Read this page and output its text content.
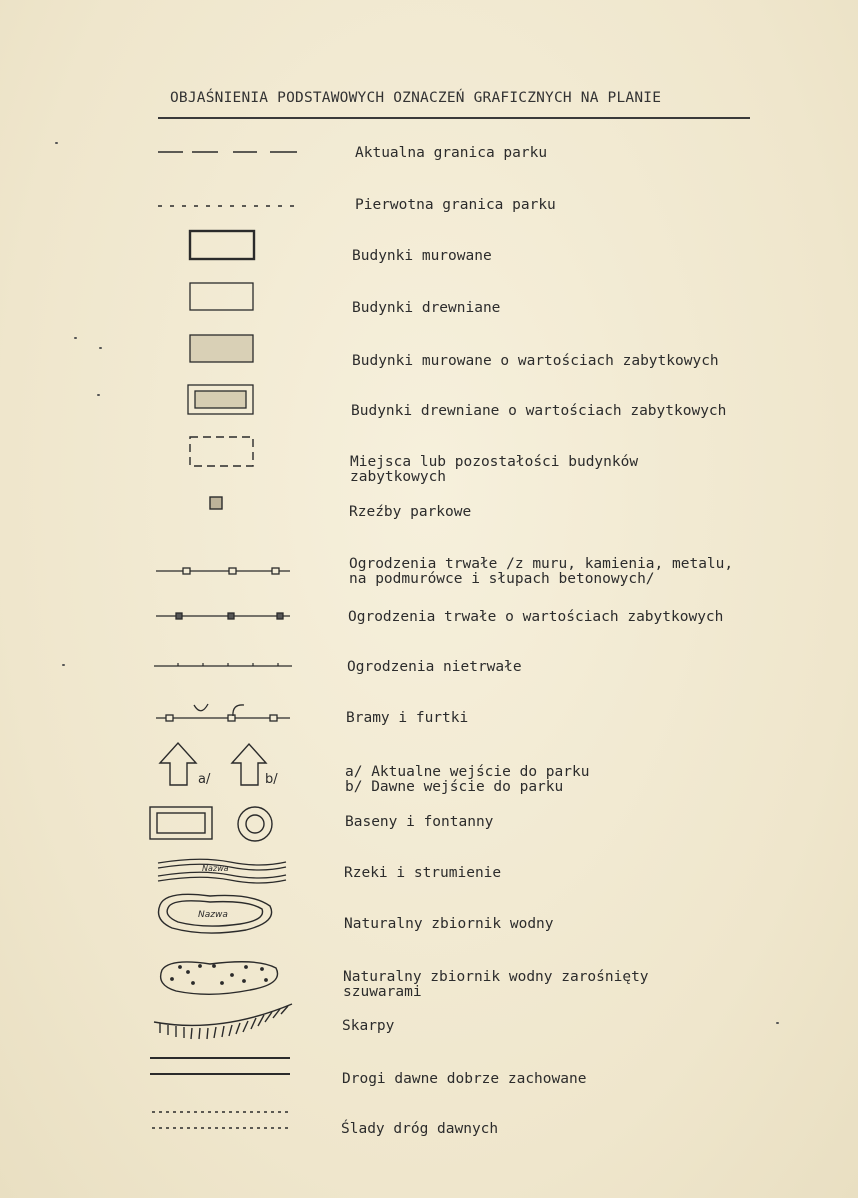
OBJAŚNIENIA PODSTAWOWYCH OZNACZEŃ GRAFICZNYCH NA PLANIE
Aktualna granica parku
Pierwotna granica parku
Budynki murowane
Budynki drewniane
Budynki murowane o wartościach zabytkowych
Budynki drewniane o wartościach zabytkowych
Miejsca lub pozostałości budynków
zabytkowych
Rzeźby parkowe
Ogrodzenia trwałe /z muru, kamienia, metalu,
na podmurówce i słupach betonowych/
Ogrodzenia trwałe o wartościach zabytkowych
Ogrodzenia nietrwałe
Bramy i furtki
a/ Aktualne wejście do parku
b/ Dawne wejście do parku
Baseny i fontanny
Rzeki i strumienie
Naturalny zbiornik wodny
Naturalny zbiornik wodny zarośnięty
szuwarami
Skarpy
Drogi dawne dobrze zachowane
Ślady dróg dawnych
a/	b/
Nazwa
Nazwa
